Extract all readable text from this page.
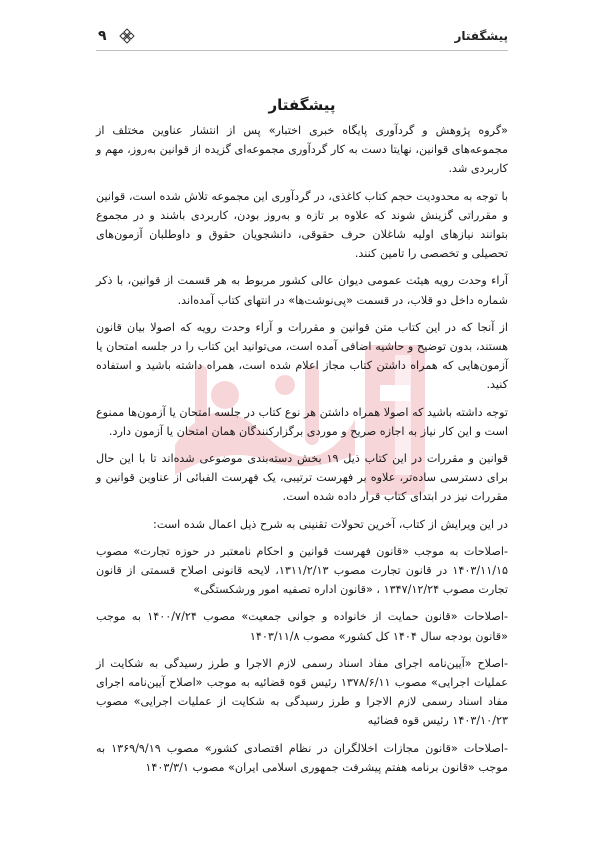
پیشگفتار
۹
پیشگفتار

«گروه پژوهش و گردآوری پایگاه خبری اختبار» پس از انتشار عناوین مختلف از مجموعه‌های قوانین، نهایتا دست به کار گردآوری مجموعه‌ای گزیده از قوانین به‌روز، مهم و کاربردی شد.

با توجه به محدودیت حجم کتاب کاغذی، در گردآوری این مجموعه تلاش شده است، قوانین و مقرراتی گزینش شوند که علاوه بر تازه و به‌روز بودن، کاربردی باشند و در مجموع بتوانند نیازهای اولیه شاغلان حرف حقوقی، دانشجویان حقوق و داوطلبان آزمون‌های تحصیلی و تخصصی را تامین کنند.

آراء وحدت رویه هیئت عمومی دیوان عالی کشور مربوط به هر قسمت از قوانین، با ذکر شماره داخل دو قلاب، در قسمت «پی‌نوشت‌ها» در انتهای کتاب آمده‌اند.

از آنجا که در این کتاب متن قوانین و مقررات و آراء وحدت رویه که اصولا بیان قانون هستند، بدون توضیح و حاشیه اضافی آمده است، می‌توانید این کتاب را در جلسه امتحان یا آزمون‌هایی که همراه داشتن کتاب مجاز اعلام شده است، همراه داشته باشید و استفاده کنید.

توجه داشته باشید که اصولا همراه داشتن هر نوع کتاب در جلسه امتحان یا آزمون‌ها ممنوع است و این کار نیاز به اجازه صریح و موردی برگزارکنندگان همان امتحان یا آزمون دارد.

قوانین و مقررات در این کتاب ذیل ۱۹ بخش دسته‌بندی موضوعی شده‌اند تا با این حال برای دسترسی ساده‌تر، علاوه بر فهرست ترتیبی، یک فهرست الفبائی از عناوین قوانین و مقررات نیز در ابتدای کتاب قرار داده شده است.

در این ویرایش از کتاب، آخرین تحولات تقنینی به شرح ذیل اعمال شده است:

-اصلاحات به موجب «قانون فهرست قوانین و احکام نامعتبر در حوزه تجارت» مصوب ۱۴۰۳/۱۱/۱۵ در قانون تجارت مصوب ۱۳۱۱/۲/۱۳، لایحه قانونی اصلاح قسمتی از قانون تجارت مصوب ۱۳۴۷/۱۲/۲۴ ، «قانون اداره تصفیه امور ورشکستگی»

-اصلاحات «قانون حمایت از خانواده و جوانی جمعیت» مصوب ۱۴۰۰/۷/۲۴ به موجب «قانون بودجه سال ۱۴۰۴ کل کشور» مصوب ۱۴۰۳/۱۱/۸

-اصلاح «آیین‌نامه اجرای مفاد اسناد رسمی لازم الاجرا و طرز رسیدگی به شکایت از عملیات اجرایی» مصوب ۱۳۷۸/۶/۱۱ رئیس قوه قضائیه به موجب «اصلاح آیین‌نامه اجرای مفاد اسناد رسمی لازم الاجرا و طرز رسیدگی به شکایت از عملیات اجرایی» مصوب ۱۴۰۳/۱۰/۲۳ رئیس قوه قضائیه

-اصلاحات «قانون مجازات اخلالگران در نظام اقتصادی کشور» مصوب ۱۳۶۹/۹/۱۹ به موجب «قانون برنامه هفتم پیشرفت جمهوری اسلامی ایران» مصوب ۱۴۰۳/۳/۱
